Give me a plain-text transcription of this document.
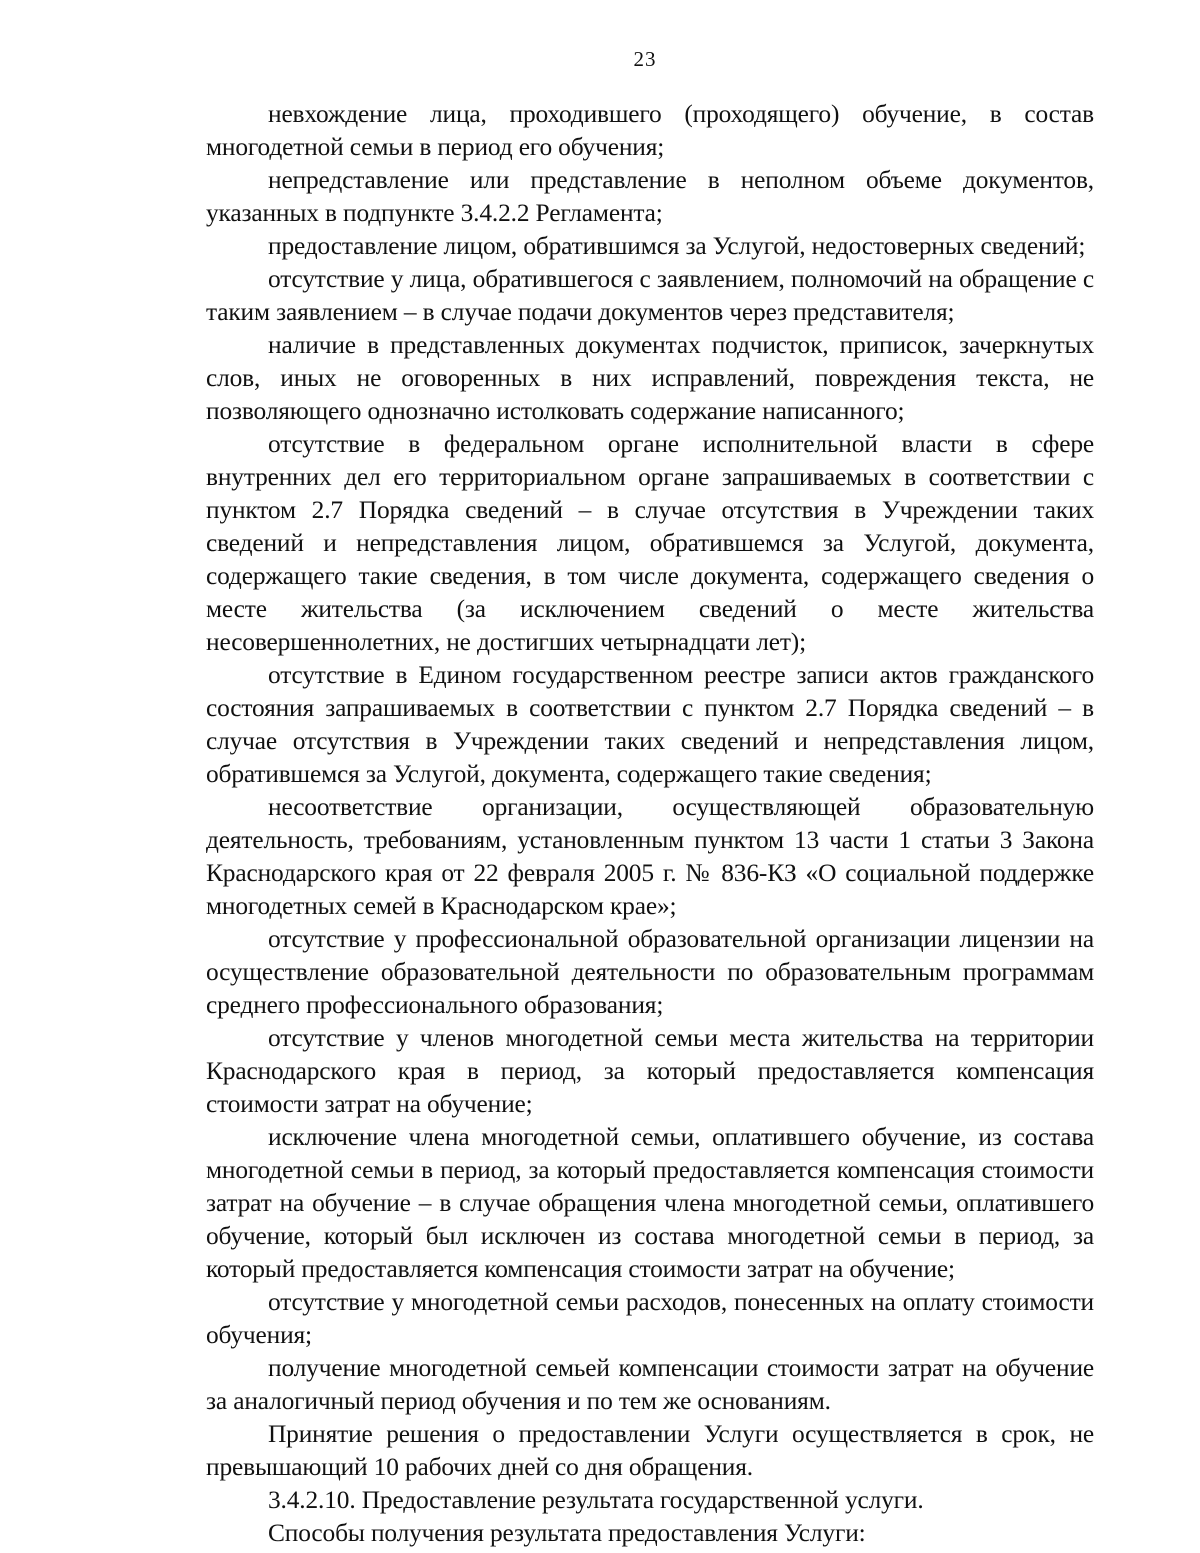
23

невхождение лица, проходившего (проходящего) обучение, в состав многодетной семьи в период его обучения;

непредставление или представление в неполном объеме документов, указанных в подпункте 3.4.2.2 Регламента;

предоставление лицом, обратившимся за Услугой, недостоверных сведений;

отсутствие у лица, обратившегося с заявлением, полномочий на обращение с таким заявлением – в случае подачи документов через представителя;

наличие в представленных документах подчисток, приписок, зачеркнутых слов, иных не оговоренных в них исправлений, повреждения текста, не позволяющего однозначно истолковать содержание написанного;

отсутствие в федеральном органе исполнительной власти в сфере внутренних дел его территориальном органе запрашиваемых в соответствии с пунктом 2.7 Порядка сведений – в случае отсутствия в Учреждении таких сведений и непредставления лицом, обратившемся за Услугой, документа, содержащего такие сведения, в том числе документа, содержащего сведения о месте жительства (за исключением сведений о месте жительства несовершеннолетних, не достигших четырнадцати лет);

отсутствие в Едином государственном реестре записи актов гражданского состояния запрашиваемых в соответствии с пунктом 2.7 Порядка сведений – в случае отсутствия в Учреждении таких сведений и непредставления лицом, обратившемся за Услугой, документа, содержащего такие сведения;

несоответствие организации, осуществляющей образовательную деятельность, требованиям, установленным пунктом 13 части 1 статьи 3 Закона Краснодарского края от 22 февраля 2005 г. № 836-КЗ «О социальной поддержке многодетных семей в Краснодарском крае»;

отсутствие у профессиональной образовательной организации лицензии на осуществление образовательной деятельности по образовательным программам среднего профессионального образования;

отсутствие у членов многодетной семьи места жительства на территории Краснодарского края в период, за который предоставляется компенсация стоимости затрат на обучение;

исключение члена многодетной семьи, оплатившего обучение, из состава многодетной семьи в период, за который предоставляется компенсация стоимости затрат на обучение – в случае обращения члена многодетной семьи, оплатившего обучение, который был исключен из состава многодетной семьи в период, за который предоставляется компенсация стоимости затрат на обучение;

отсутствие у многодетной семьи расходов, понесенных на оплату стоимости обучения;

получение многодетной семьей компенсации стоимости затрат на обучение за аналогичный период обучения и по тем же основаниям.

Принятие решения о предоставлении Услуги осуществляется в срок, не превышающий 10 рабочих дней со дня обращения.

3.4.2.10. Предоставление результата государственной услуги.

Способы получения результата предоставления Услуги:
